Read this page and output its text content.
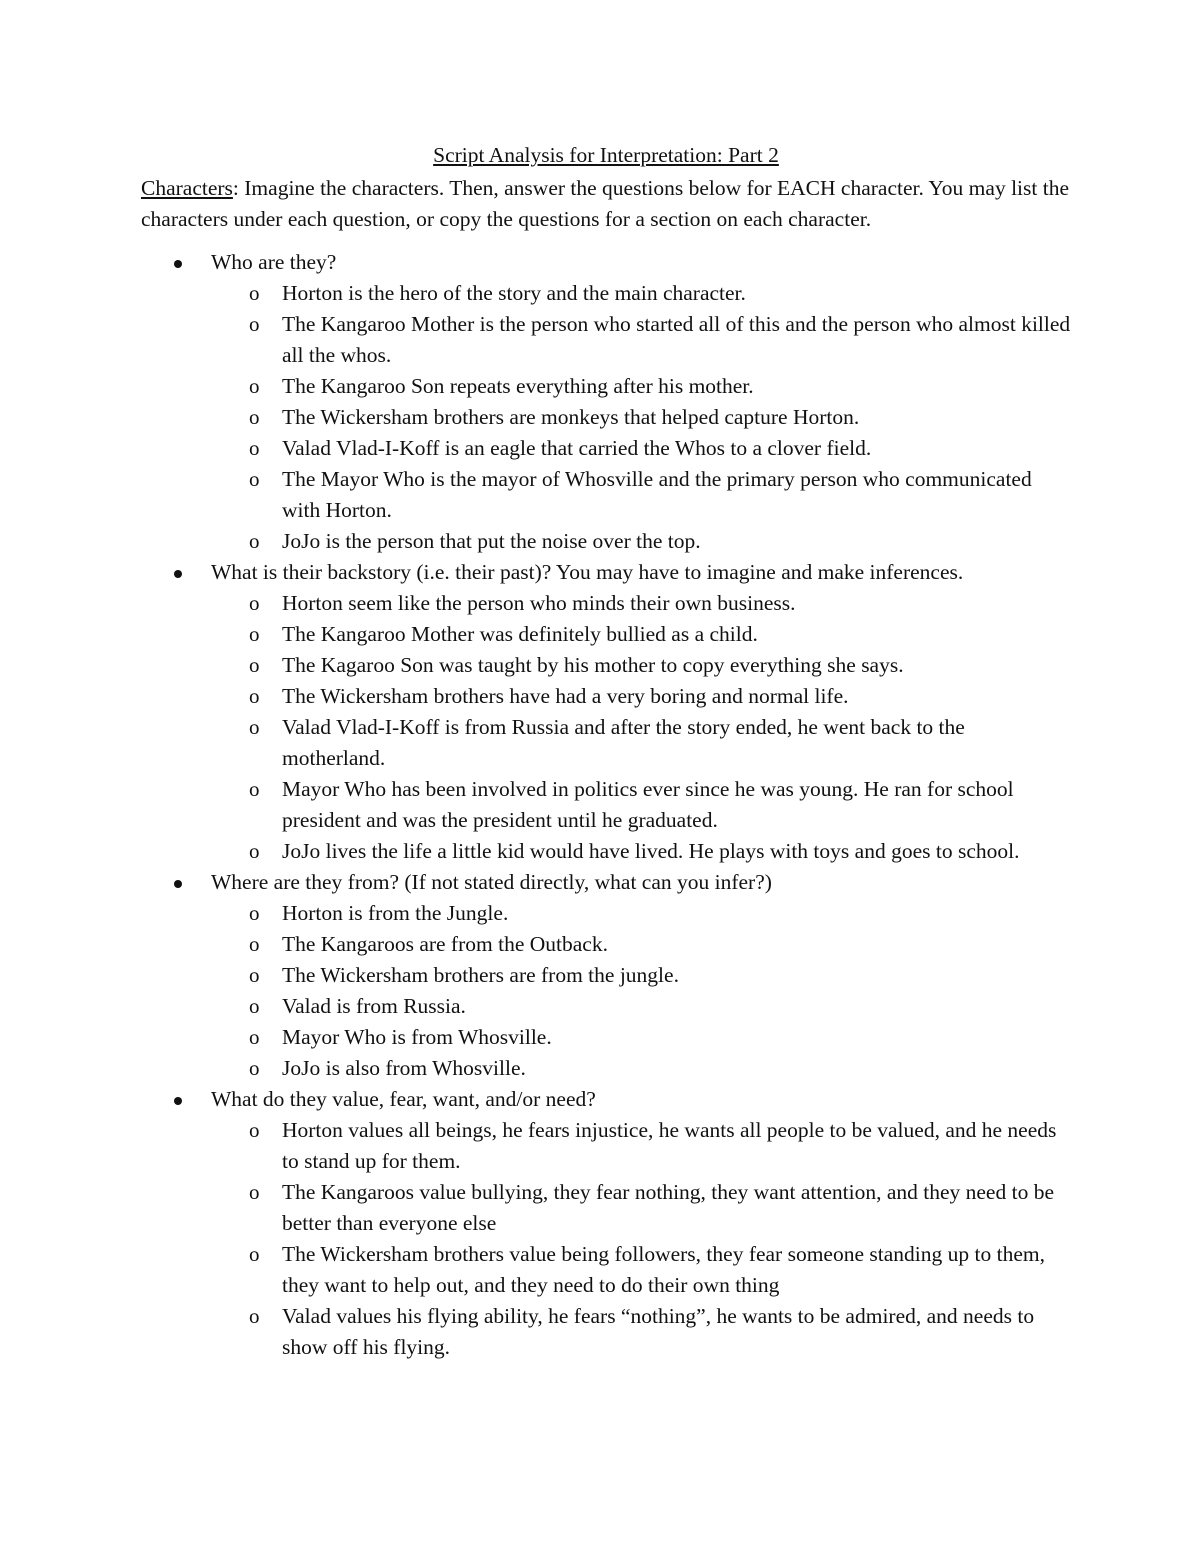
Script Analysis for Interpretation: Part 2

Characters: Imagine the characters. Then, answer the questions below for EACH character. You may list the characters under each question, or copy the questions for a section on each character.

Who are they?
o Horton is the hero of the story and the main character.
o The Kangaroo Mother is the person who started all of this and the person who almost killed all the whos.
o The Kangaroo Son repeats everything after his mother.
o The Wickersham brothers are monkeys that helped capture Horton.
o Valad Vlad-I-Koff is an eagle that carried the Whos to a clover field.
o The Mayor Who is the mayor of Whosville and the primary person who communicated with Horton.
o JoJo is the person that put the noise over the top.
What is their backstory (i.e. their past)? You may have to imagine and make inferences.
o Horton seem like the person who minds their own business.
o The Kangaroo Mother was definitely bullied as a child.
o The Kagaroo Son was taught by his mother to copy everything she says.
o The Wickersham brothers have had a very boring and normal life.
o Valad Vlad-I-Koff is from Russia and after the story ended, he went back to the motherland.
o Mayor Who has been involved in politics ever since he was young. He ran for school president and was the president until he graduated.
o JoJo lives the life a little kid would have lived. He plays with toys and goes to school.
Where are they from? (If not stated directly, what can you infer?)
o Horton is from the Jungle.
o The Kangaroos are from the Outback.
o The Wickersham brothers are from the jungle.
o Valad is from Russia.
o Mayor Who is from Whosville.
o JoJo is also from Whosville.
What do they value, fear, want, and/or need?
o Horton values all beings, he fears injustice, he wants all people to be valued, and he needs to stand up for them.
o The Kangaroos value bullying, they fear nothing, they want attention, and they need to be better than everyone else
o The Wickersham brothers value being followers, they fear someone standing up to them, they want to help out, and they need to do their own thing
o Valad values his flying ability, he fears “nothing”, he wants to be admired, and needs to show off his flying.
